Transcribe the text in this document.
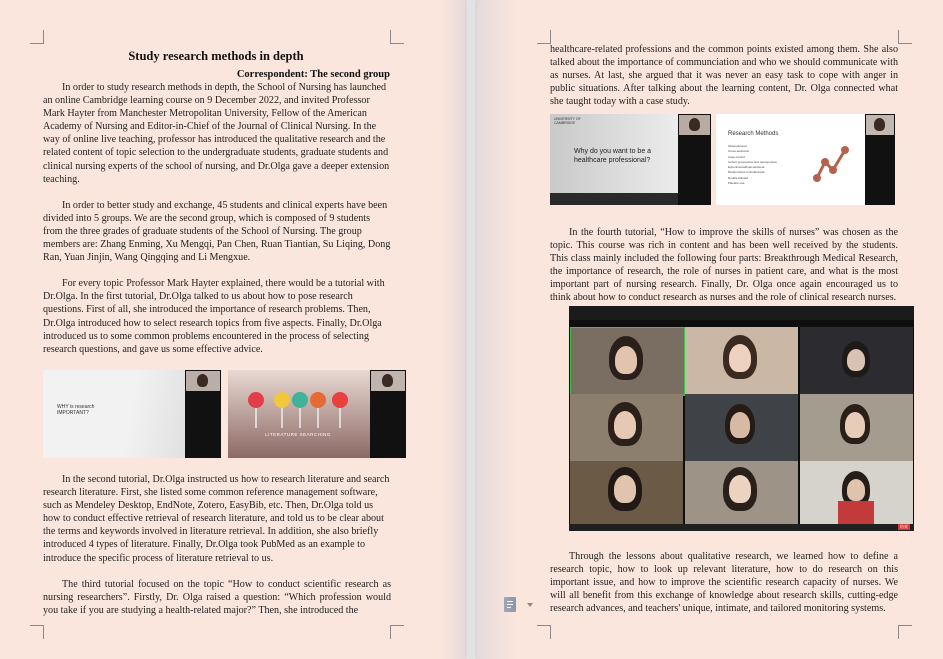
Study research methods in depth
Correspondent: The second group

In order to study research methods in depth, the School of Nursing has launched an online Cambridge learning course on 9 December 2022, and invited Professor Mark Hayter from Manchester Metropolitan University, Fellow of the American Academy of Nursing and Editor-in-Chief of the Journal of Clinical Nursing. In the way of online live teaching, professor has introduced the qualitative research and the related content of topic selection to the undergraduate students, graduate students and clinical nursing experts of the school of nursing, and Dr.Olga gave a deeper extension teaching.

In order to better study and exchange, 45 students and clinical experts have been divided into 5 groups. We are the second group, which is composed of 9 students from the three grades of graduate students of the School of Nursing. The group members are: Zhang Enming, Xu Mengqi, Pan Chen, Ruan Tiantian, Su Liqing, Dong Ran, Yuan Jinjin, Wang Qingqing and Li Mengxue.

For every topic Professor Mark Hayter explained, there would be a tutorial with Dr.Olga. In the first tutorial, Dr.Olga talked to us about how to pose research questions. First of all, she introduced the importance of research problems. Then, Dr.Olga introduced how to select research topics from five aspects. Finally, Dr.Olga introduced us to some common problems encountered in the process of selecting research questions, and gave us some effective advice.

WHY is research IMPORTANT?
LITERATURE SEARCHING

In the second tutorial, Dr.Olga instructed us how to research literature and search research literature. First, she listed some common reference management software, such as Mendeley Desktop, EndNote, Zotero, EasyBib, etc. Then, Dr.Olga told us how to conduct effective retrieval of research literature, and told us to be clear about the terms and keywords involved in literature retrieval. In addition, she also briefly introduced 4 types of literature. Finally, Dr.Olga took PubMed as an example to introduce the specific process of literature retrieval to us.

The third tutorial focused on the topic “How to conduct scientific research as nursing researchers”. Firstly, Dr. Olga raised a question: “Which profession would you take if you are studying a health-related major?” Then, she introduced the

healthcare-related professions and the common points existed among them. She also talked about the importance of communciation and who we should communicate with as nurses. At last, she argued that it was never an easy task to cope with anger in public situations. After talking about the learning content, Dr. Olga connected what she taught today with a case study.

UNIVERSITY OF CAMBRIDGE
Why do you want to be a healthcare professional?
Research Methods
Observational
Cross-sectional
Case-control
Cohort prospective and retrospective
Experimental/Interventional
Randomized controlled trial
Double-blinded
Placebo use

In the fourth tutorial, “How to improve the skills of nurses” was chosen as the topic. This course was rich in content and has been well received by the students. This class mainly included the following four parts: Breakthrough Medical Research, the importance of research, the role of nurses in patient care, and what is the most important part of nursing research. Finally, Dr. Olga once again encouraged us to think about how to conduct research as nurses and the role of clinical research nurses.

结束

Through the lessons about qualitative research, we learned how to define a research topic, how to look up relevant literature, how to do research on this important issue, and how to improve the scientific research capacity of nurses. We will all benefit from this exchange of knowledge about research skills, cutting-edge research advances, and teachers' unique, intimate, and tailored monitoring systems.
